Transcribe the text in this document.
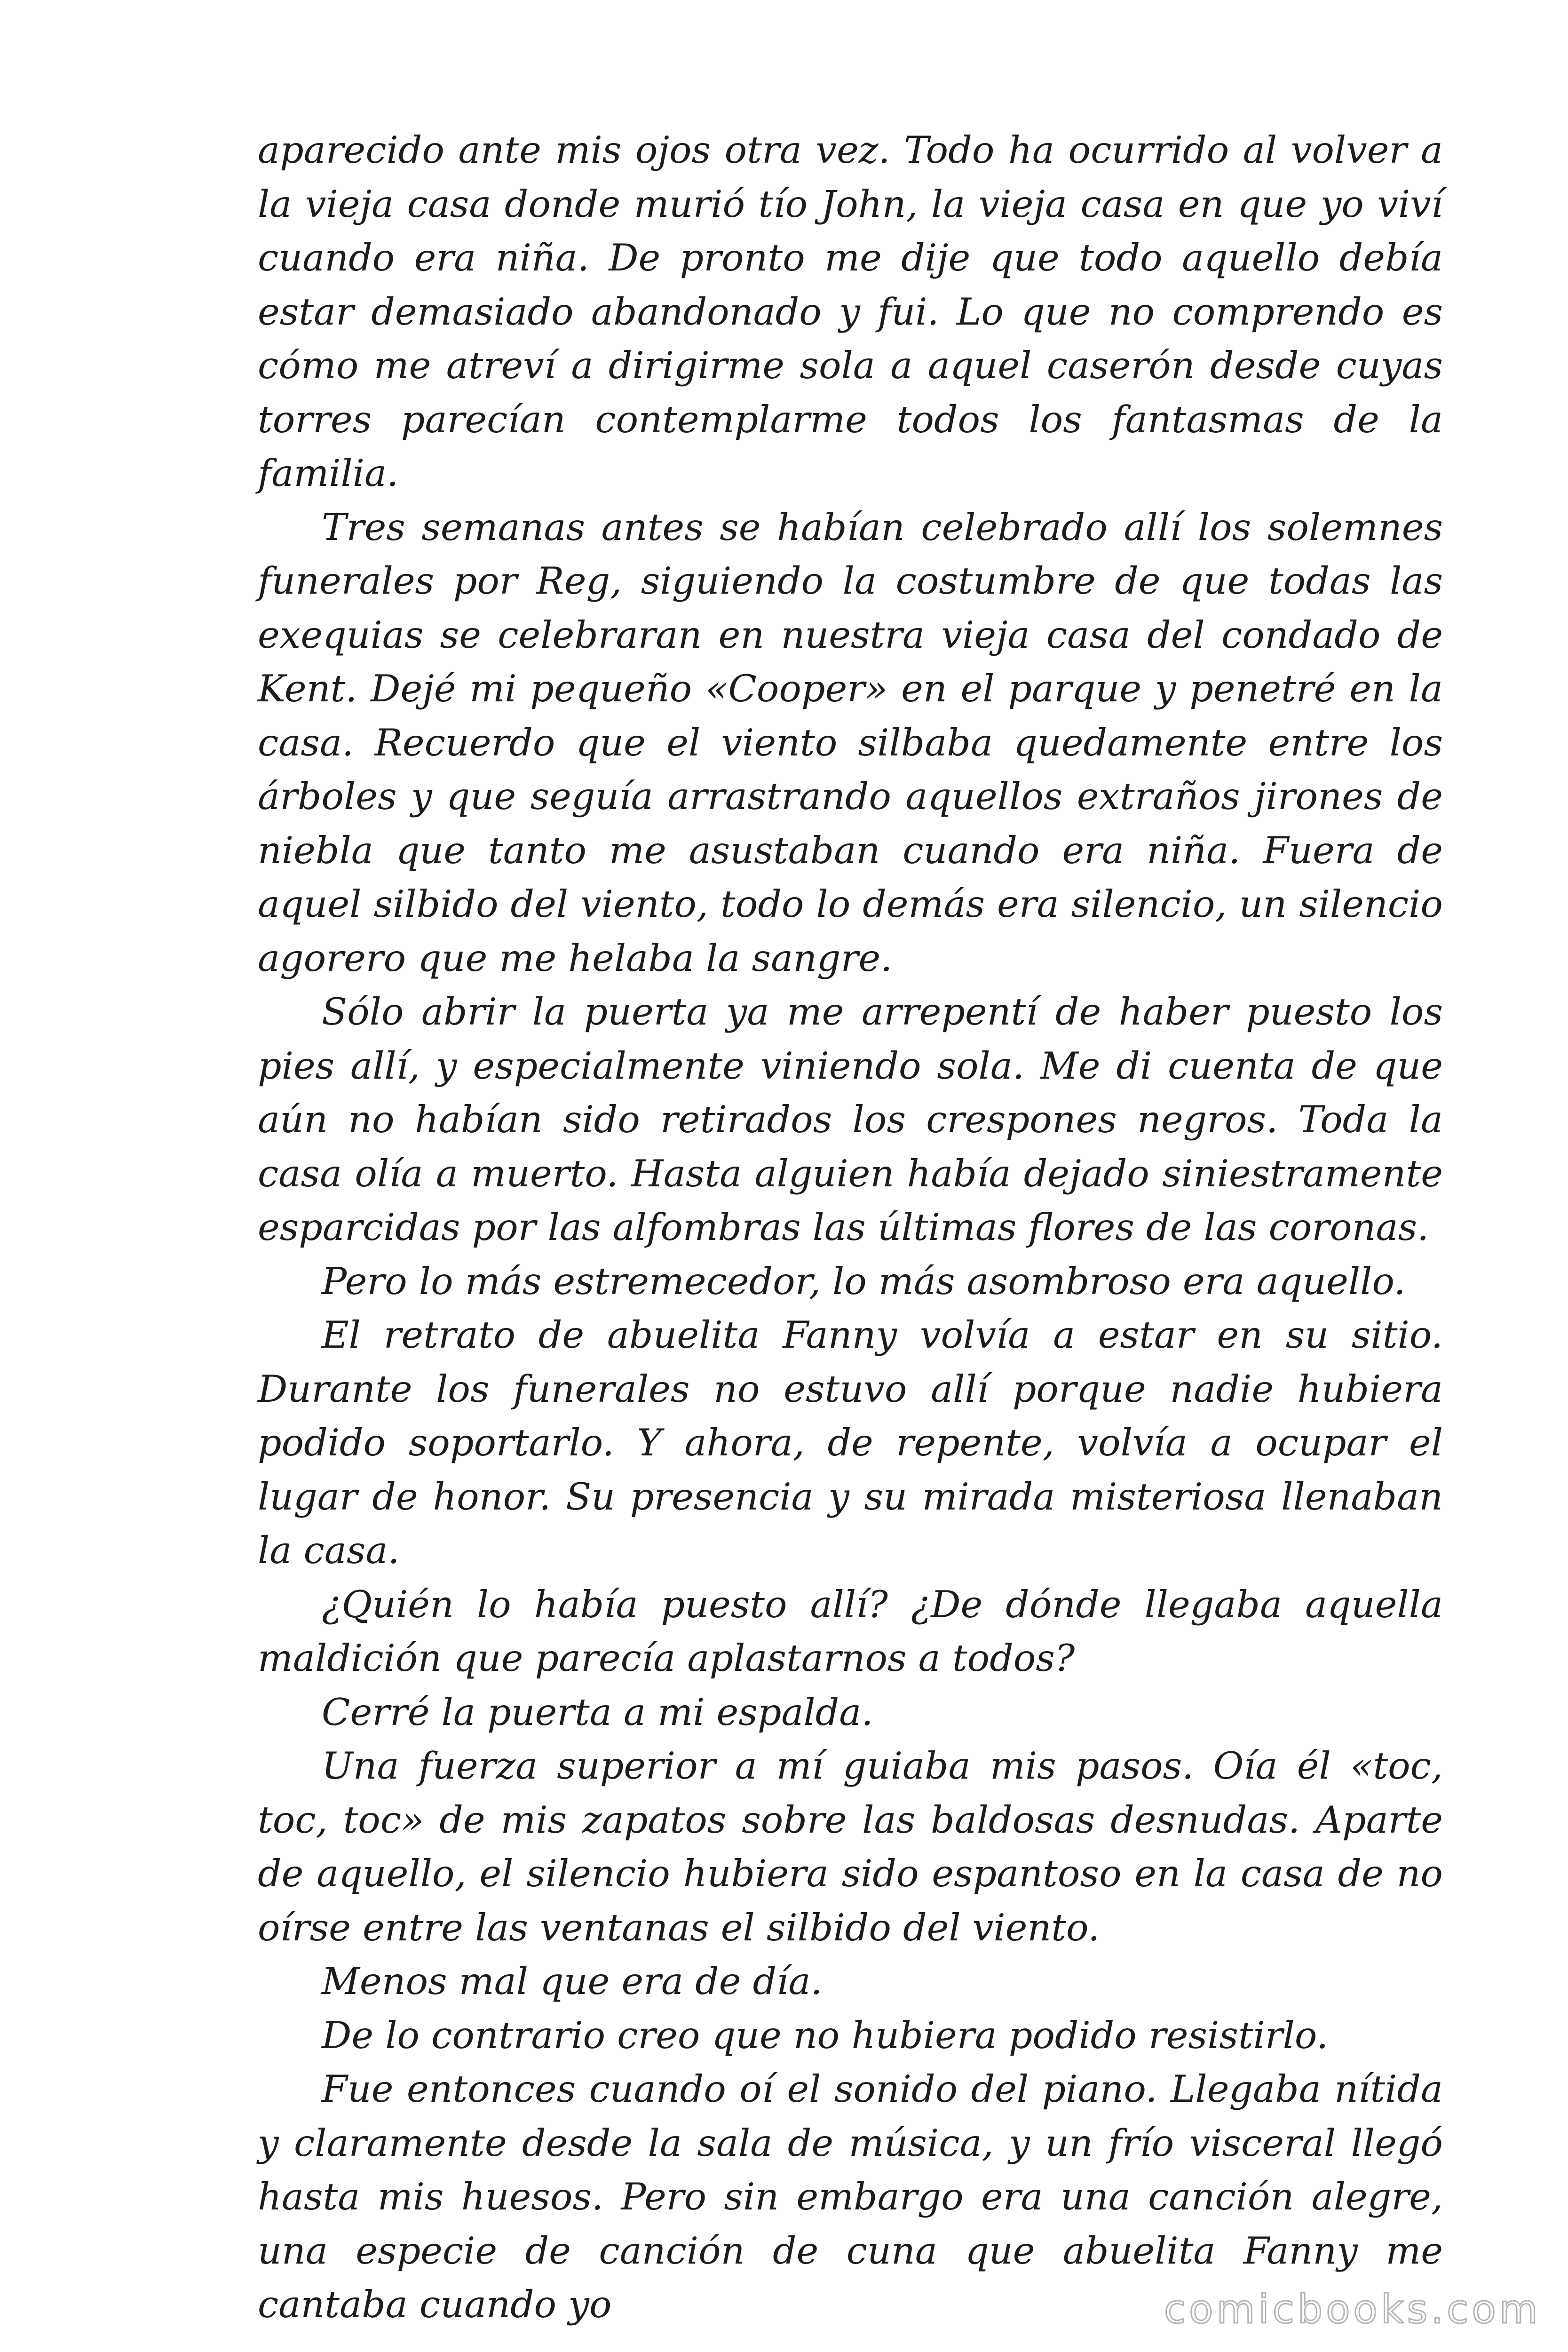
aparecido ante mis ojos otra vez. Todo ha ocurrido al volver a la vieja casa donde murió tío John, la vieja casa en que yo viví cuando era niña. De pronto me dije que todo aquello debía estar demasiado abandonado y fui. Lo que no comprendo es cómo me atreví a dirigirme sola a aquel caserón desde cuyas torres parecían contemplarme todos los fantasmas de la familia.

Tres semanas antes se habían celebrado allí los solemnes funerales por Reg, siguiendo la costumbre de que todas las exequias se celebraran en nuestra vieja casa del condado de Kent. Dejé mi pequeño «Cooper» en el parque y penetré en la casa. Recuerdo que el viento silbaba quedamente entre los árboles y que seguía arrastrando aquellos extraños jirones de niebla que tanto me asustaban cuando era niña. Fuera de aquel silbido del viento, todo lo demás era silencio, un silencio agorero que me helaba la sangre.

Sólo abrir la puerta ya me arrepentí de haber puesto los pies allí, y especialmente viniendo sola. Me di cuenta de que aún no habían sido retirados los crespones negros. Toda la casa olía a muerto. Hasta alguien había dejado siniestramente esparcidas por las alfombras las últimas flores de las coronas.

Pero lo más estremecedor, lo más asombroso era aquello.

El retrato de abuelita Fanny volvía a estar en su sitio. Durante los funerales no estuvo allí porque nadie hubiera podido soportarlo. Y ahora, de repente, volvía a ocupar el lugar de honor. Su presencia y su mirada misteriosa llenaban la casa.

¿Quién lo había puesto allí? ¿De dónde llegaba aquella maldición que parecía aplastarnos a todos?

Cerré la puerta a mi espalda.

Una fuerza superior a mí guiaba mis pasos. Oía él «toc, toc, toc» de mis zapatos sobre las baldosas desnudas. Aparte de aquello, el silencio hubiera sido espantoso en la casa de no oírse entre las ventanas el silbido del viento.

Menos mal que era de día.

De lo contrario creo que no hubiera podido resistirlo.

Fue entonces cuando oí el sonido del piano. Llegaba nítida y claramente desde la sala de música, y un frío visceral llegó hasta mis huesos. Pero sin embargo era una canción alegre, una especie de canción de cuna que abuelita Fanny me cantaba cuando yo	comicbooks.com
